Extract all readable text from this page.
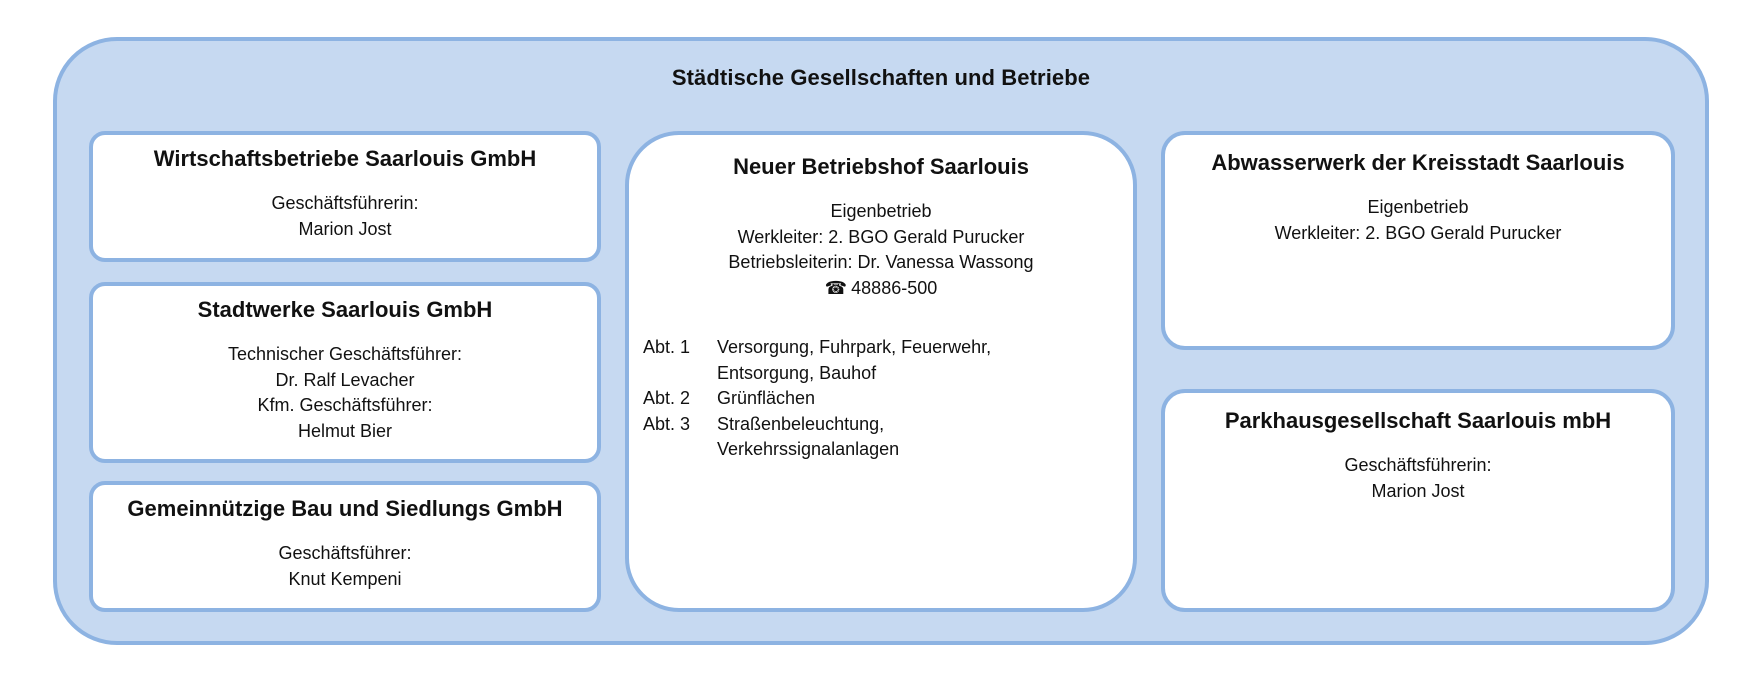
Städtische Gesellschaften und Betriebe
Wirtschaftsbetriebe Saarlouis GmbH
Geschäftsführerin:
Marion Jost
Stadtwerke Saarlouis GmbH
Technischer Geschäftsführer:
Dr. Ralf Levacher
Kfm. Geschäftsführer:
Helmut Bier
Gemeinnützige Bau und Siedlungs GmbH
Geschäftsführer:
Knut Kempeni
Neuer Betriebshof Saarlouis
Eigenbetrieb
Werkleiter: 2. BGO Gerald Purucker
Betriebsleiterin: Dr. Vanessa Wassong
☎ 48886-500
Abt. 1	Versorgung, Fuhrpark, Feuerwehr,
Entsorgung, Bauhof
Abt. 2	Grünflächen
Abt. 3	Straßenbeleuchtung,
Verkehrssignalanlagen
Abwasserwerk der Kreisstadt Saarlouis
Eigenbetrieb
Werkleiter: 2. BGO Gerald Purucker
Parkhausgesellschaft Saarlouis mbH
Geschäftsführerin:
Marion Jost
